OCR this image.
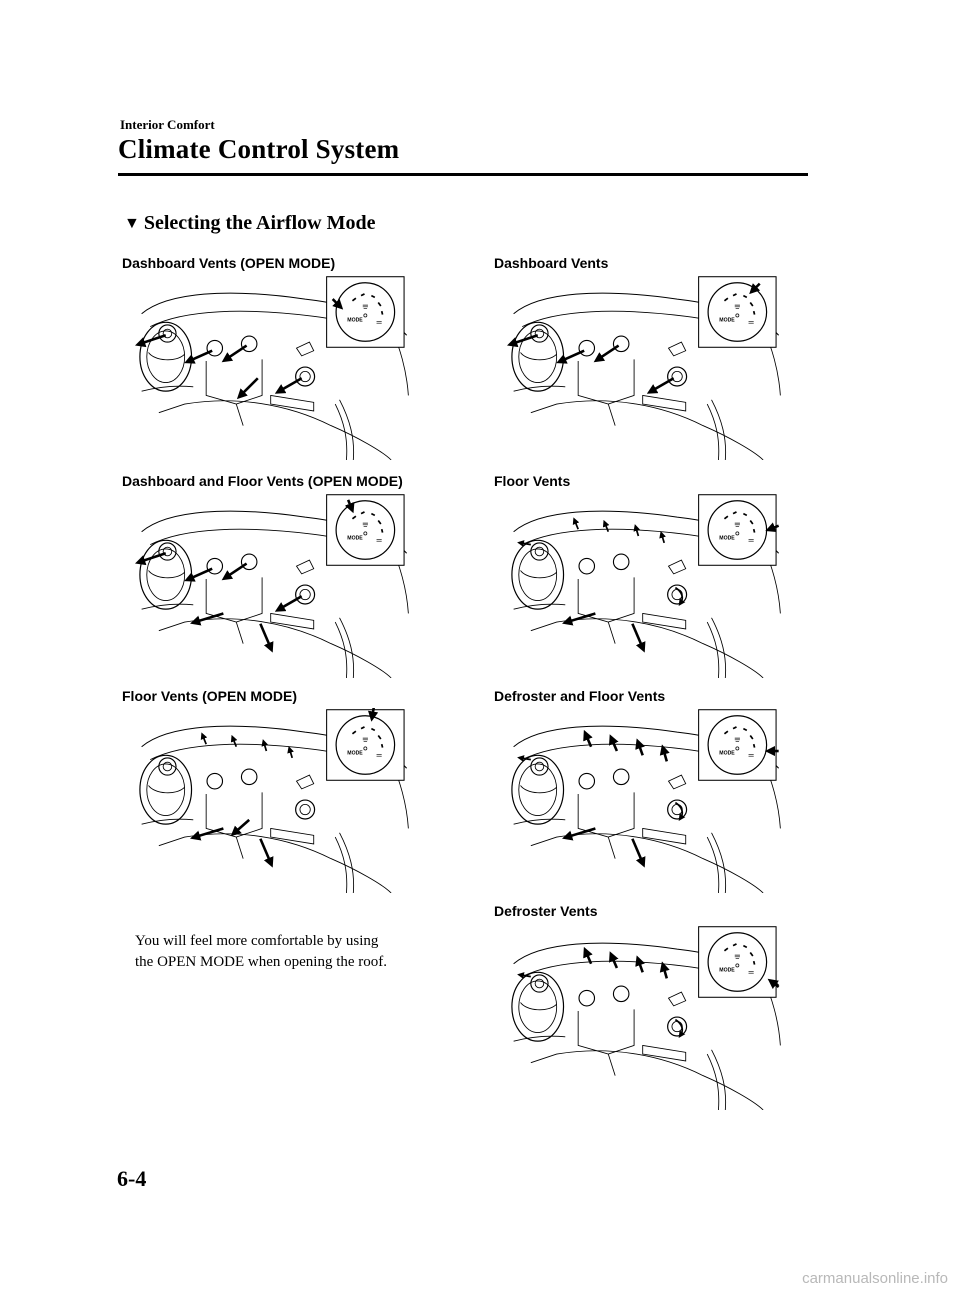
Interior Comfort
Climate Control System
▼ Selecting the Airflow Mode
Dashboard Vents (OPEN MODE)	Dashboard Vents
Dashboard and Floor Vents (OPEN MODE)	Floor Vents
Floor Vents (OPEN MODE)	Defroster and Floor Vents
Defroster Vents
You will feel more comfortable by using
the OPEN MODE when opening the roof.
6-4
carmanualsonline.info
